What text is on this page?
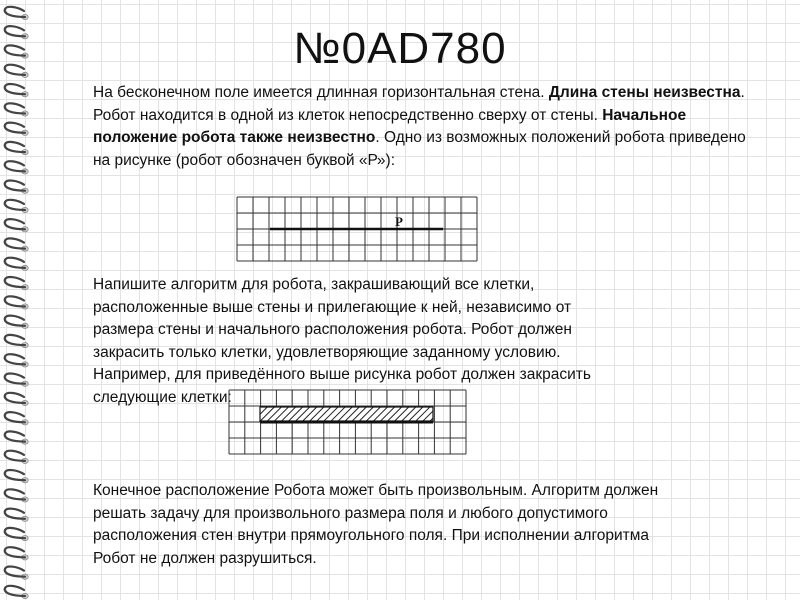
№0AD780
На бесконечном поле имеется длинная горизонтальная стена. Длина стены неизвестна. Робот находится в одной из клеток непосредственно сверху от стены. Начальное положение робота также неизвестно. Одно из возможных положений робота приведено на рисунке (робот обозначен буквой «Р»):
Р
Напишите алгоритм для робота, закрашивающий все клетки,
расположенные выше стены и прилегающие к ней, независимо от
размера стены и начального расположения робота. Робот должен
закрасить только клетки, удовлетворяющие заданному условию.
Например, для приведённого выше рисунка робот должен закрасить
следующие клетки:
Конечное расположение Робота может быть произвольным. Алгоритм должен
решать задачу для произвольного размера поля и любого допустимого
расположения стен внутри прямоугольного поля. При исполнении алгоритма
Робот не должен разрушиться.
